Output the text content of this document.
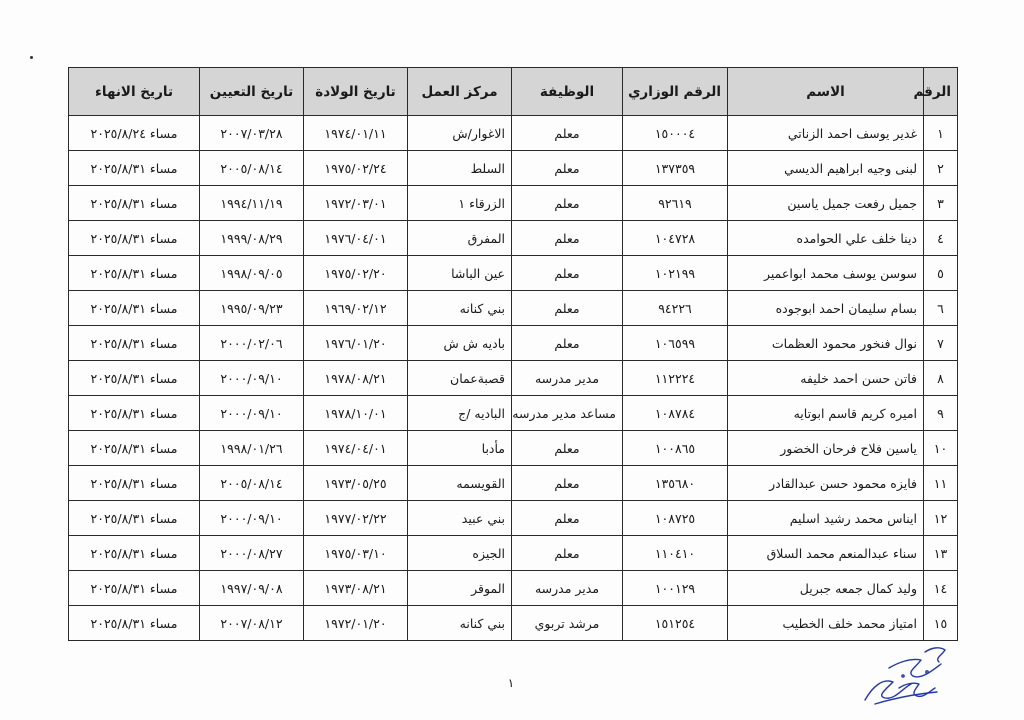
الرقم	الاسم	الرقم الوزاري	الوظيفة	مركز العمل	تاريخ الولادة	تاريخ التعيين	تاريخ الانهاء
١	غدير يوسف احمد الزناتي	١٥٠٠٠٤	معلم	الاغوار/ش	١٩٧٤/٠١/١١	٢٠٠٧/٠٣/٢٨	مساء ٢٠٢٥/٨/٢٤
٢	لبنى وجيه ابراهيم الديسي	١٣٧٣٥٩	معلم	السلط	١٩٧٥/٠٢/٢٤	٢٠٠٥/٠٨/١٤	مساء ٢٠٢٥/٨/٣١
٣	جميل رفعت جميل ياسين	٩٢٦١٩	معلم	الزرقاء ١	١٩٧٢/٠٣/٠١	١٩٩٤/١١/١٩	مساء ٢٠٢٥/٨/٣١
٤	دينا خلف علي الحوامده	١٠٤٧٢٨	معلم	المفرق	١٩٧٦/٠٤/٠١	١٩٩٩/٠٨/٢٩	مساء ٢٠٢٥/٨/٣١
٥	سوسن يوسف محمد ابواعمير	١٠٢١٩٩	معلم	عين الباشا	١٩٧٥/٠٢/٢٠	١٩٩٨/٠٩/٠٥	مساء ٢٠٢٥/٨/٣١
٦	بسام سليمان احمد ابوجوده	٩٤٢٢٦	معلم	بني كنانه	١٩٦٩/٠٢/١٢	١٩٩٥/٠٩/٢٣	مساء ٢٠٢٥/٨/٣١
٧	نوال فنخور محمود العظمات	١٠٦٥٩٩	معلم	باديه ش ش	١٩٧٦/٠١/٢٠	٢٠٠٠/٠٢/٠٦	مساء ٢٠٢٥/٨/٣١
٨	فاتن حسن احمد خليفه	١١٢٢٢٤	مدير مدرسه	قصبةعمان	١٩٧٨/٠٨/٢١	٢٠٠٠/٠٩/١٠	مساء ٢٠٢٥/٨/٣١
٩	اميره كريم قاسم ابوتايه	١٠٨٧٨٤	مساعد مدير مدرسه	الباديه /ج	١٩٧٨/١٠/٠١	٢٠٠٠/٠٩/١٠	مساء ٢٠٢٥/٨/٣١
١٠	ياسين فلاح فرحان الخضور	١٠٠٨٦٥	معلم	مأدبا	١٩٧٤/٠٤/٠١	١٩٩٨/٠١/٢٦	مساء ٢٠٢٥/٨/٣١
١١	فايزه محمود حسن عبدالقادر	١٣٥٦٨٠	معلم	القويسمه	١٩٧٣/٠٥/٢٥	٢٠٠٥/٠٨/١٤	مساء ٢٠٢٥/٨/٣١
١٢	ايناس محمد رشيد اسليم	١٠٨٧٢٥	معلم	بني عبيد	١٩٧٧/٠٢/٢٢	٢٠٠٠/٠٩/١٠	مساء ٢٠٢٥/٨/٣١
١٣	سناء عبدالمنعم محمد السلاق	١١٠٤١٠	معلم	الجيزه	١٩٧٥/٠٣/١٠	٢٠٠٠/٠٨/٢٧	مساء ٢٠٢٥/٨/٣١
١٤	وليد كمال جمعه جبريل	١٠٠١٢٩	مدير مدرسه	الموقر	١٩٧٣/٠٨/٢١	١٩٩٧/٠٩/٠٨	مساء ٢٠٢٥/٨/٣١
١٥	امتياز محمد خلف الخطيب	١٥١٢٥٤	مرشد تربوي	بني كنانه	١٩٧٢/٠١/٢٠	٢٠٠٧/٠٨/١٢	مساء ٢٠٢٥/٨/٣١
١
